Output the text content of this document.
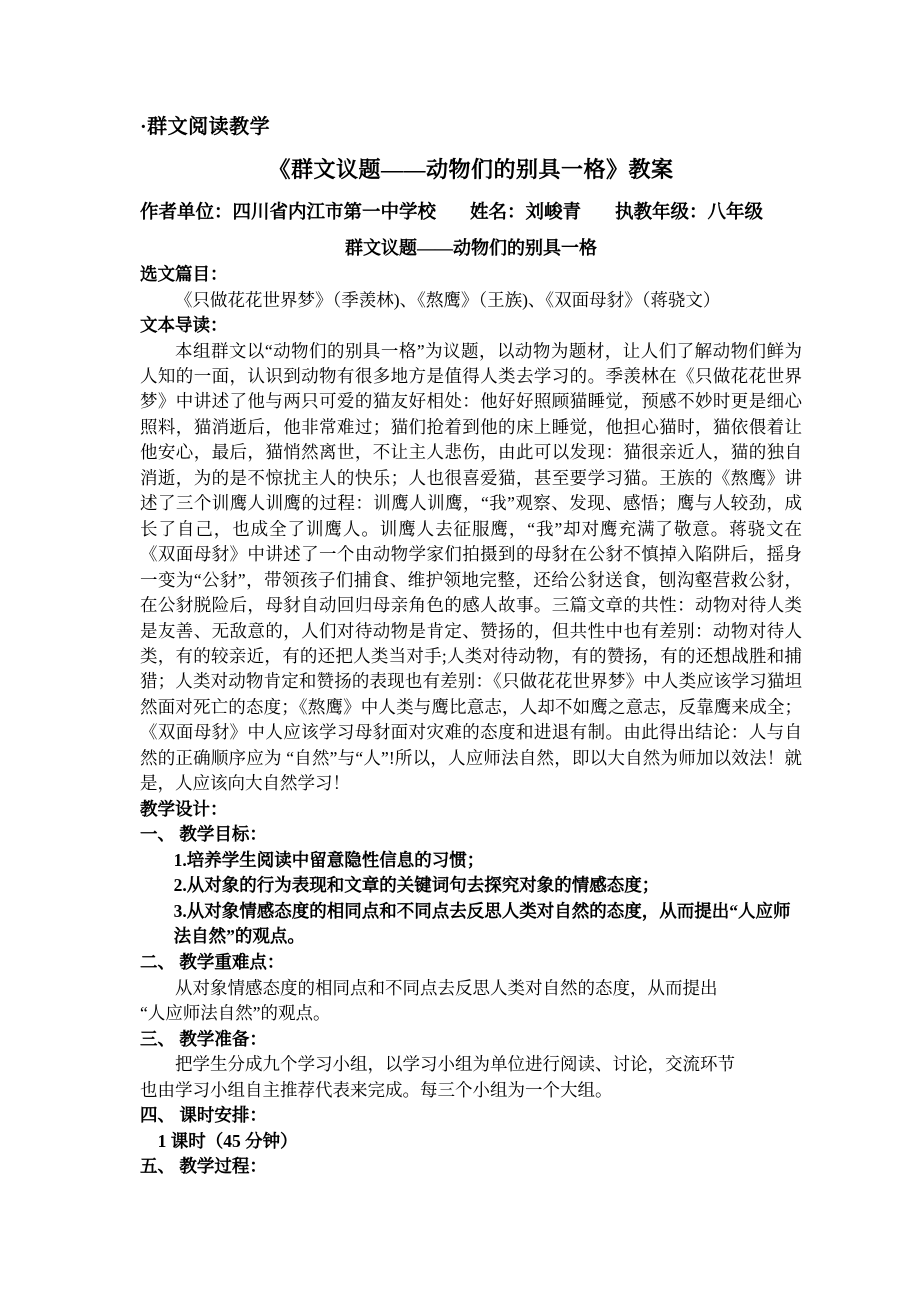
·群文阅读教学
《群文议题——动物们的别具一格》教案
作者单位：四川省内江市第一中学校 姓名：刘峻青 执教年级：八年级
群文议题——动物们的别具一格
选文篇目：
《只做花花世界梦》（季羡林)、《熬鹰》（王族)、《双面母豺》（蒋骁文）
文本导读：
本组群文以“动物们的别具一格”为议题，以动物为题材，让人们了解动物们鲜为人知的一面，认识到动物有很多地方是值得人类去学习的。季羡林在《只做花花世界梦》中讲述了他与两只可爱的猫友好相处：他好好照顾猫睡觉，预感不妙时更是细心照料，猫消逝后，他非常难过；猫们抢着到他的床上睡觉，他担心猫时，猫依偎着让他安心，最后，猫悄然离世，不让主人悲伤，由此可以发现：猫很亲近人，猫的独自消逝，为的是不惊扰主人的快乐；人也很喜爱猫，甚至要学习猫。王族的《熬鹰》讲述了三个训鹰人训鹰的过程：训鹰人训鹰，“我”观察、发现、感悟；鹰与人较劲，成长了自己，也成全了训鹰人。训鹰人去征服鹰，“我”却对鹰充满了敬意。蒋骁文在《双面母豺》中讲述了一个由动物学家们拍摄到的母豺在公豺不慎掉入陷阱后，摇身一变为“公豺”，带领孩子们捕食、维护领地完整，还给公豺送食，刨沟壑营救公豺，在公豺脱险后，母豺自动回归母亲角色的感人故事。三篇文章的共性：动物对待人类是友善、无敌意的，人们对待动物是肯定、赞扬的，但共性中也有差别：动物对待人类，有的较亲近，有的还把人类当对手;人类对待动物，有的赞扬，有的还想战胜和捕猎；人类对动物肯定和赞扬的表现也有差别：《只做花花世界梦》中人类应该学习猫坦然面对死亡的态度；《熬鹰》中人类与鹰比意志，人却不如鹰之意志，反靠鹰来成全；《双面母豺》中人应该学习母豺面对灾难的态度和进退有制。由此得出结论：人与自然的正确顺序应为 “自然”与“人”!所以，人应师法自然，即以大自然为师加以效法！就是，人应该向大自然学习！
教学设计：
一、 教学目标：
1.培养学生阅读中留意隐性信息的习惯；
2.从对象的行为表现和文章的关键词句去探究对象的情感态度；
3.从对象情感态度的相同点和不同点去反思人类对自然的态度，从而提出“人应师法自然”的观点。
二、 教学重难点：
从对象情感态度的相同点和不同点去反思人类对自然的态度，从而提出
“人应师法自然”的观点。
三、 教学准备：
把学生分成九个学习小组，以学习小组为单位进行阅读、讨论，交流环节
也由学习小组自主推荐代表来完成。每三个小组为一个大组。
四、 课时安排：
1 课时（45 分钟）
五、 教学过程：
